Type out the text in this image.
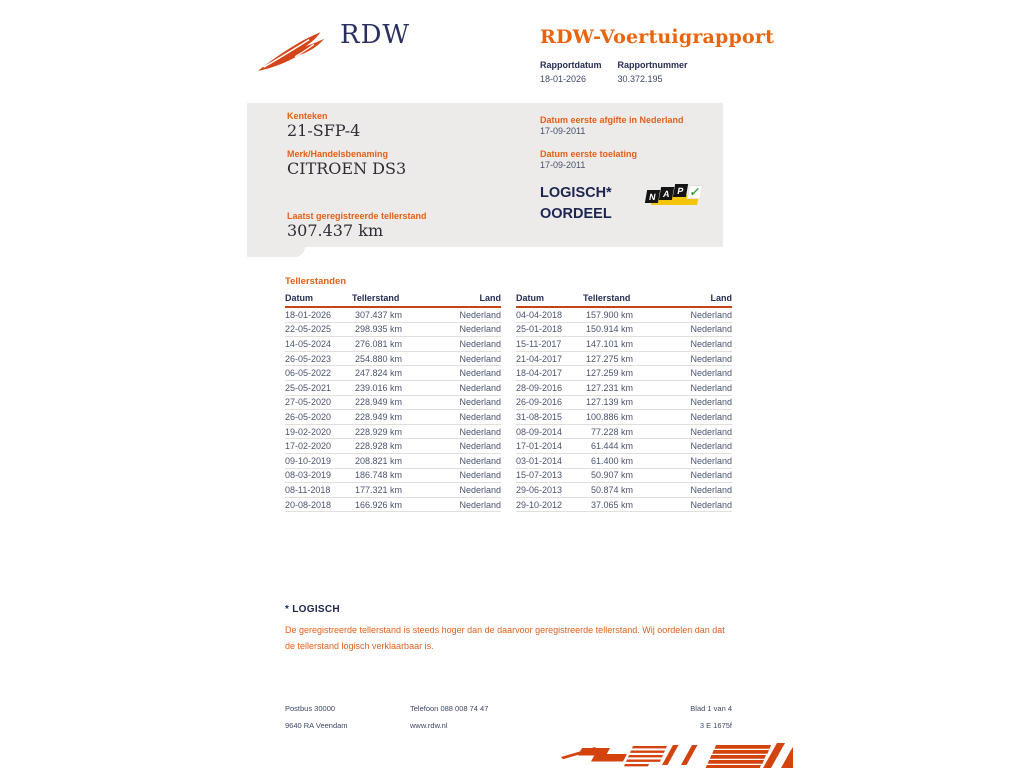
RDW	RDW-Voertuigrapport
Rapportdatum
18-01-2026
Rapportnummer
30.372.195
Kenteken
21-SFP-4
Merk/Handelsbenaming
CITROEN DS3
Laatst geregistreerde tellerstand
307.437 km
Datum eerste afgifte in Nederland
17-09-2011
Datum eerste toelating
17-09-2011
LOGISCH*
OORDEEL
N A P ✓
Tellerstanden
Datum	Tellerstand	Land
18-01-2026	307.437 km	Nederland
22-05-2025	298.935 km	Nederland
14-05-2024	276.081 km	Nederland
26-05-2023	254.880 km	Nederland
06-05-2022	247.824 km	Nederland
25-05-2021	239.016 km	Nederland
27-05-2020	228.949 km	Nederland
26-05-2020	228.949 km	Nederland
19-02-2020	228.929 km	Nederland
17-02-2020	228.928 km	Nederland
09-10-2019	208.821 km	Nederland
08-03-2019	186.748 km	Nederland
08-11-2018	177.321 km	Nederland
20-08-2018	166.926 km	Nederland
Datum	Tellerstand	Land
04-04-2018	157.900 km	Nederland
25-01-2018	150.914 km	Nederland
15-11-2017	147.101 km	Nederland
21-04-2017	127.275 km	Nederland
18-04-2017	127.259 km	Nederland
28-09-2016	127.231 km	Nederland
26-09-2016	127.139 km	Nederland
31-08-2015	100.886 km	Nederland
08-09-2014	77.228 km	Nederland
17-01-2014	61.444 km	Nederland
03-01-2014	61.400 km	Nederland
15-07-2013	50.907 km	Nederland
29-06-2013	50.874 km	Nederland
29-10-2012	37.065 km	Nederland
* LOGISCH

De geregistreerde tellerstand is steeds hoger dan de daarvoor geregistreerde tellerstand. Wij oordelen dan dat de tellerstand logisch verklaarbaar is.

Postbus 30000
9640 RA Veendam
Telefoon 088 008 74 47
www.rdw.nl
Blad 1 van 4
3 E 1675f
